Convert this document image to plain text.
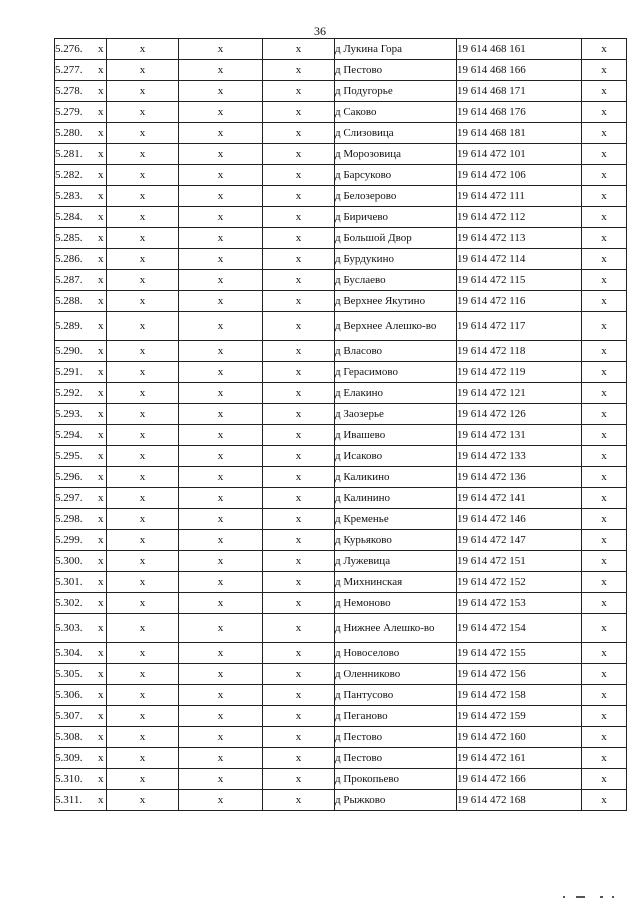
36
5.276. x	x	x	x	д Лукина Гора	19 614 468 161	x
5.277. x	x	x	x	д Пестово	19 614 468 166	x
5.278. x	x	x	x	д Подугорье	19 614 468 171	x
5.279. x	x	x	x	д Саково	19 614 468 176	x
5.280. x	x	x	x	д Слизовица	19 614 468 181	x
5.281. x	x	x	x	д Морозовица	19 614 472 101	x
5.282. x	x	x	x	д Барсуково	19 614 472 106	x
5.283. x	x	x	x	д Белозерово	19 614 472 111	x
5.284. x	x	x	x	д Биричево	19 614 472 112	x
5.285. x	x	x	x	д Большой Двор	19 614 472 113	x
5.286. x	x	x	x	д Бурдукино	19 614 472 114	x
5.287. x	x	x	x	д Буслаево	19 614 472 115	x
5.288. x	x	x	x	д Верхнее Якутино	19 614 472 116	x
5.289. x	x	x	x	д Верхнее Алешко-во	19 614 472 117	x
5.290. x	x	x	x	д Власово	19 614 472 118	x
5.291. x	x	x	x	д Герасимово	19 614 472 119	x
5.292. x	x	x	x	д Елакино	19 614 472 121	x
5.293. x	x	x	x	д Заозерье	19 614 472 126	x
5.294. x	x	x	x	д Ивашево	19 614 472 131	x
5.295. x	x	x	x	д Исаково	19 614 472 133	x
5.296. x	x	x	x	д Каликино	19 614 472 136	x
5.297. x	x	x	x	д Калинино	19 614 472 141	x
5.298. x	x	x	x	д Кременье	19 614 472 146	x
5.299. x	x	x	x	д Курьяково	19 614 472 147	x
5.300. x	x	x	x	д Лужевица	19 614 472 151	x
5.301. x	x	x	x	д Михнинская	19 614 472 152	x
5.302. x	x	x	x	д Немоново	19 614 472 153	x
5.303. x	x	x	x	д Нижнее Алешко-во	19 614 472 154	x
5.304. x	x	x	x	д Новоселово	19 614 472 155	x
5.305. x	x	x	x	д Оленниково	19 614 472 156	x
5.306. x	x	x	x	д Пантусово	19 614 472 158	x
5.307. x	x	x	x	д Пеганово	19 614 472 159	x
5.308. x	x	x	x	д Пестово	19 614 472 160	x
5.309. x	x	x	x	д Пестово	19 614 472 161	x
5.310. x	x	x	x	д Прокопьево	19 614 472 166	x
5.311. x	x	x	x	д Рыжково	19 614 472 168	x
